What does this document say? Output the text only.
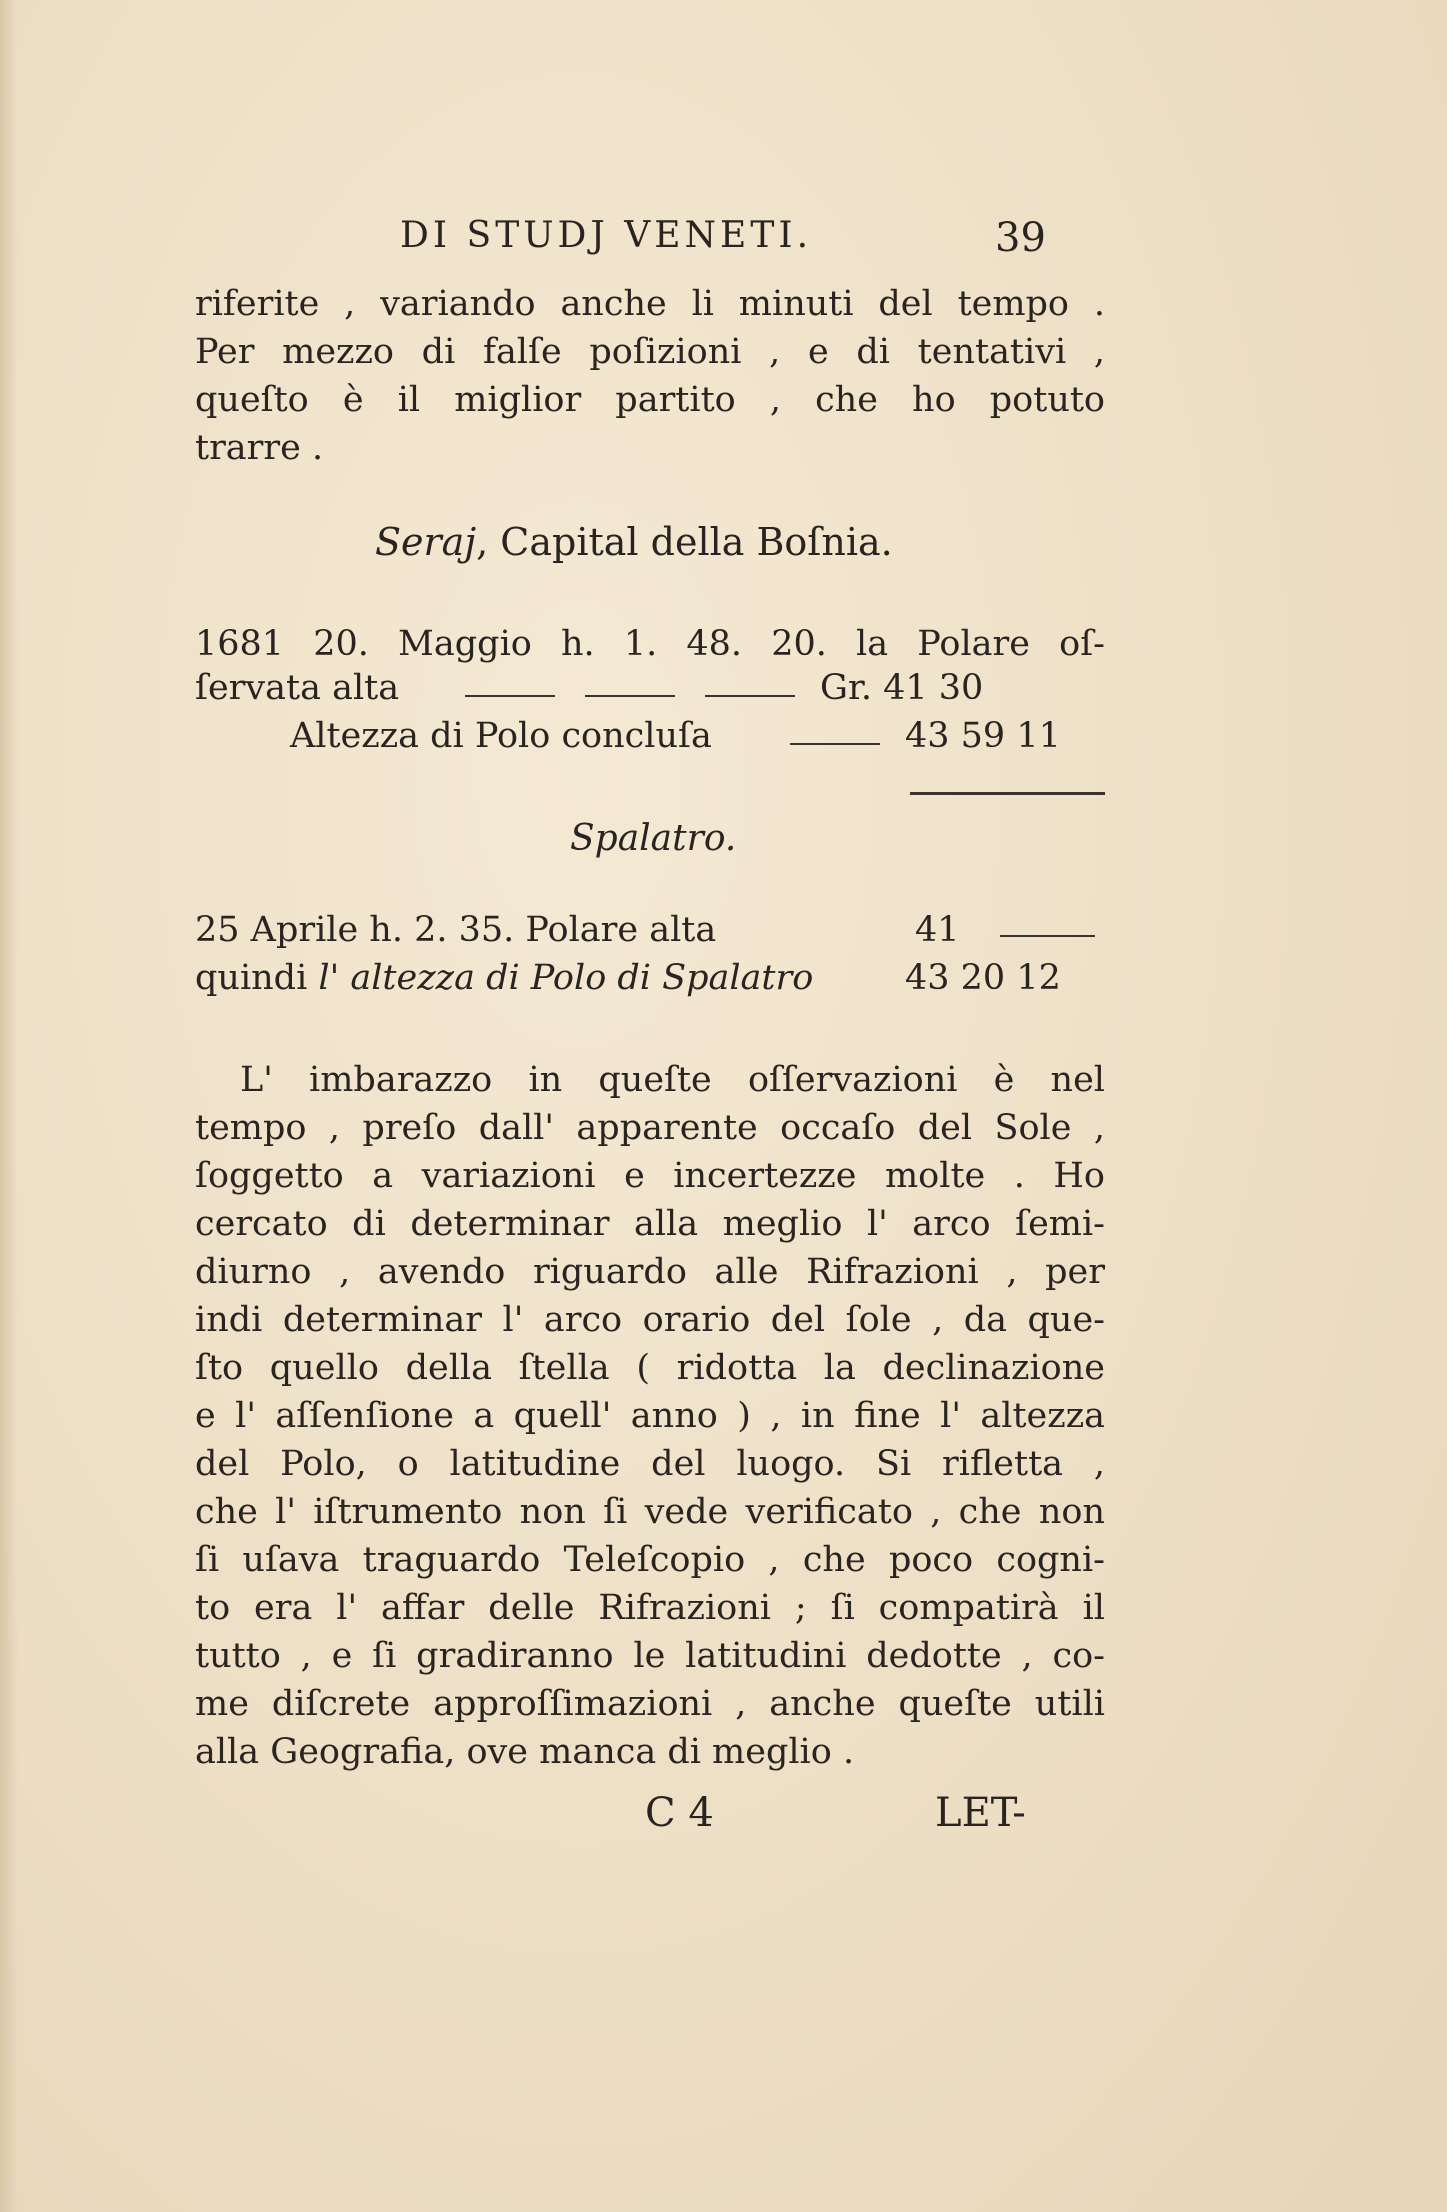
DI STUDJ VENETI.	39
riferite , variando anche li minuti del tempo .
Per mezzo di falſe poſizioni , e di tentativi ,
queſto è il miglior partito , che ho potuto
trarre .
Seraj, Capital della Boſnia.
1681 20. Maggio h. 1. 48. 20. la Polare oſ-
ſervata alta	Gr. 41 30
Altezza di Polo concluſa	43 59 11
Spalatro.
25 Aprile h. 2. 35. Polare alta	41
quindi l' altezza di Polo di Spalatro	43 20 12
L' imbarazzo in queſte oſſervazioni è nel
tempo , preſo dall' apparente occaſo del Sole ,
ſoggetto a variazioni e incertezze molte . Ho
cercato di determinar alla meglio l' arco ſemi-
diurno , avendo riguardo alle Rifrazioni , per
indi determinar l' arco orario del ſole , da que-
ſto quello della ſtella ( ridotta la declinazione
e l' aſſenſione a quell' anno ) , in fine l' altezza
del Polo, o latitudine del luogo. Si rifletta ,
che l' iſtrumento non ſi vede verificato , che non
ſi uſava traguardo Teleſcopio , che poco cogni-
to era l' affar delle Rifrazioni ; ſi compatirà il
tutto , e ſi gradiranno le latitudini dedotte , co-
me diſcrete approſſimazioni , anche queſte utili
alla Geografia, ove manca di meglio .
C 4	LET-
